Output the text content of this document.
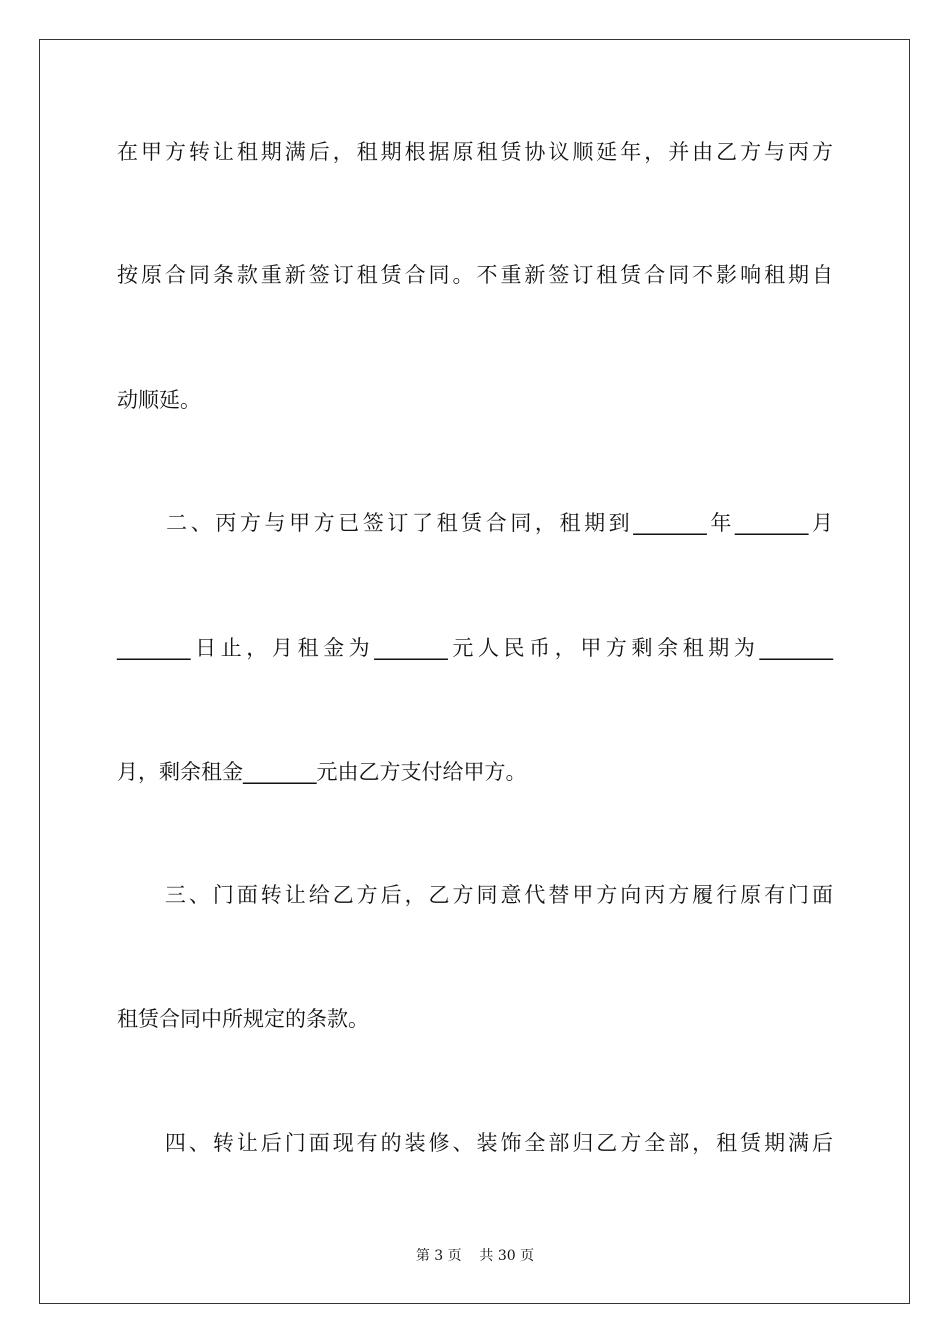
在甲方转让租期满后，租期根据原租赁协议顺延年，并由乙方与丙方
按原合同条款重新签订租赁合同。不重新签订租赁合同不影响租期自
动顺延。
　　二、丙方与甲方已签订了租赁合同，租期到_______年_______月
_______日止，月租金为_______元人民币，甲方剩余租期为_______
月，剩余租金_______元由乙方支付给甲方。
　　三、门面转让给乙方后，乙方同意代替甲方向丙方履行原有门面
租赁合同中所规定的条款。
　　四、转让后门面现有的装修、装饰全部归乙方全部，租赁期满后
第 3 页    共 30 页
